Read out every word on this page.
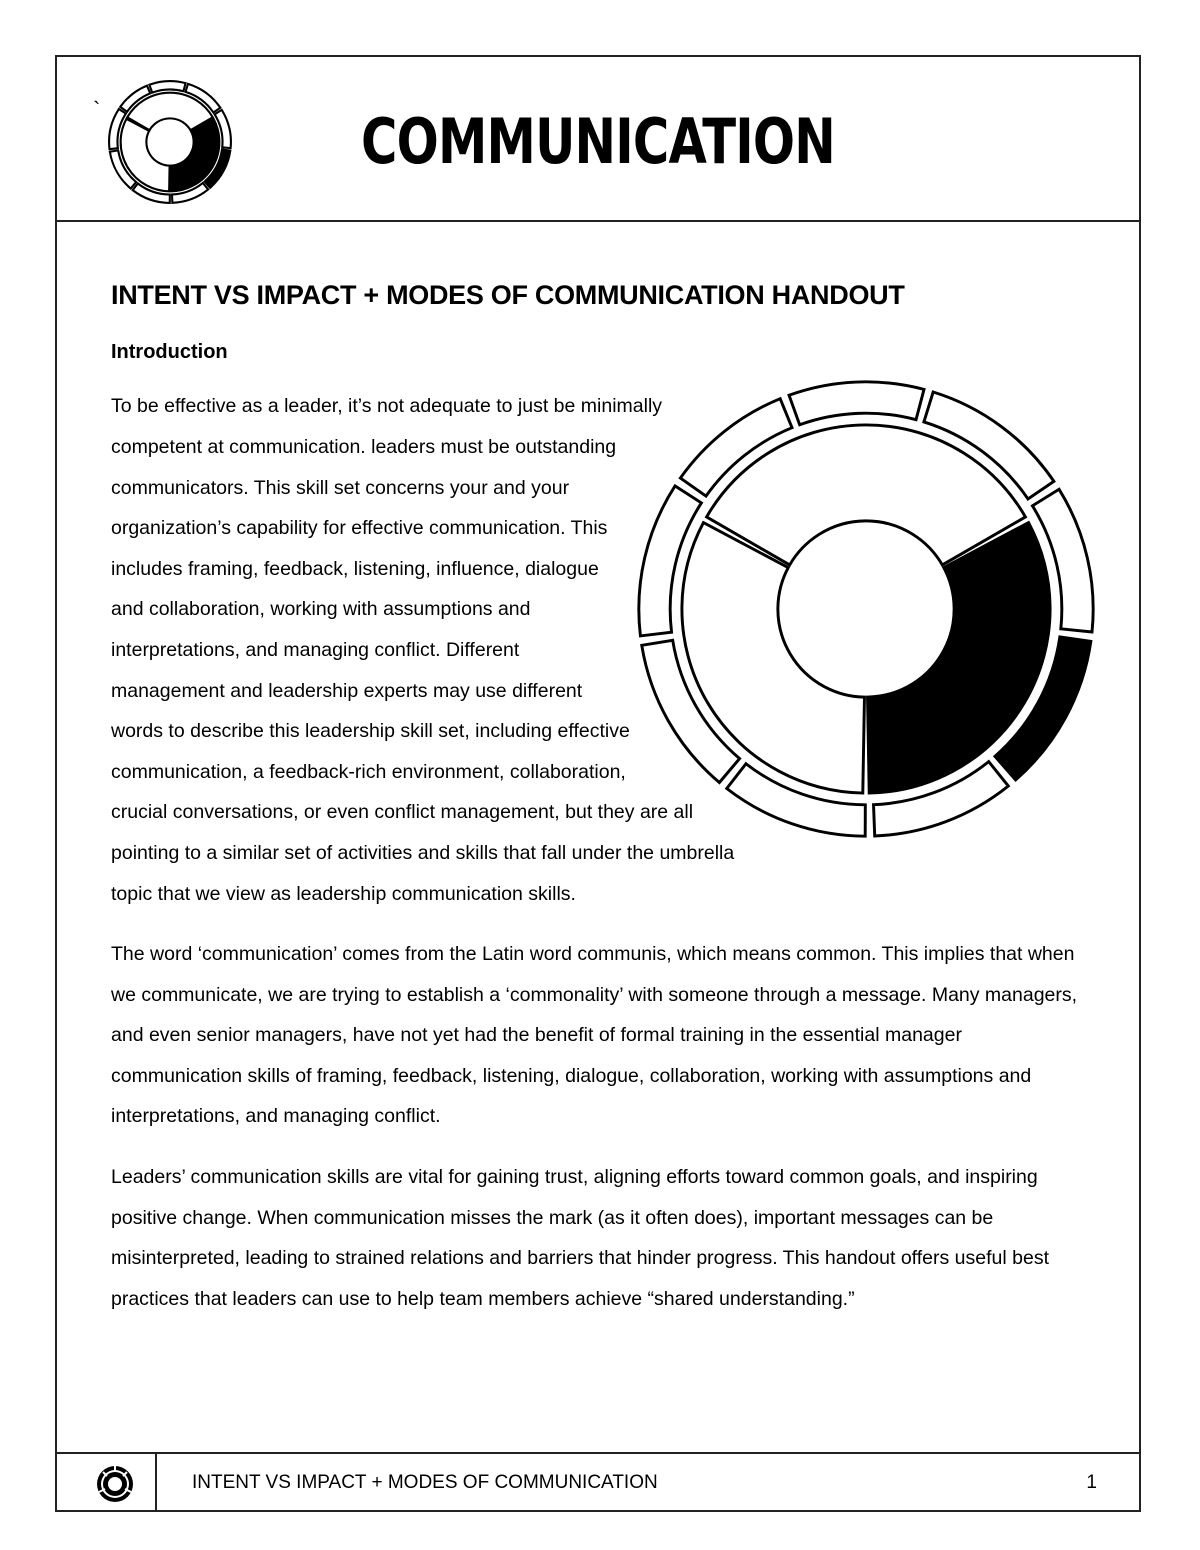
`	COMMUNICATION
INTENT VS IMPACT + MODES OF COMMUNICATION HANDOUT
Introduction

To be effective as a leader, it’s not adequate to just be minimally competent at communication. leaders must be outstanding communicators. This skill set concerns your and your organization’s capability for effective communication. This includes framing, feedback, listening, influence, dialogue and collaboration, working with assumptions and interpretations, and managing conflict. Different management and leadership experts may use different words to describe this leadership skill set, including effective communication, a feedback-rich environment, collaboration, crucial conversations, or even conflict management, but they are all pointing to a similar set of activities and skills that fall under the umbrella topic that we view as leadership communication skills.

The word ‘communication’ comes from the Latin word communis, which means common. This implies that when we communicate, we are trying to establish a ‘commonality’ with someone through a message. Many managers, and even senior managers, have not yet had the benefit of formal training in the essential manager communication skills of framing, feedback, listening, dialogue, collaboration, working with assumptions and interpretations, and managing conflict.

Leaders’ communication skills are vital for gaining trust, aligning efforts toward common goals, and inspiring positive change. When communication misses the mark (as it often does), important messages can be misinterpreted, leading to strained relations and barriers that hinder progress. This handout offers useful best practices that leaders can use to help team members achieve “shared understanding.”

INTENT VS IMPACT + MODES OF COMMUNICATION	1
